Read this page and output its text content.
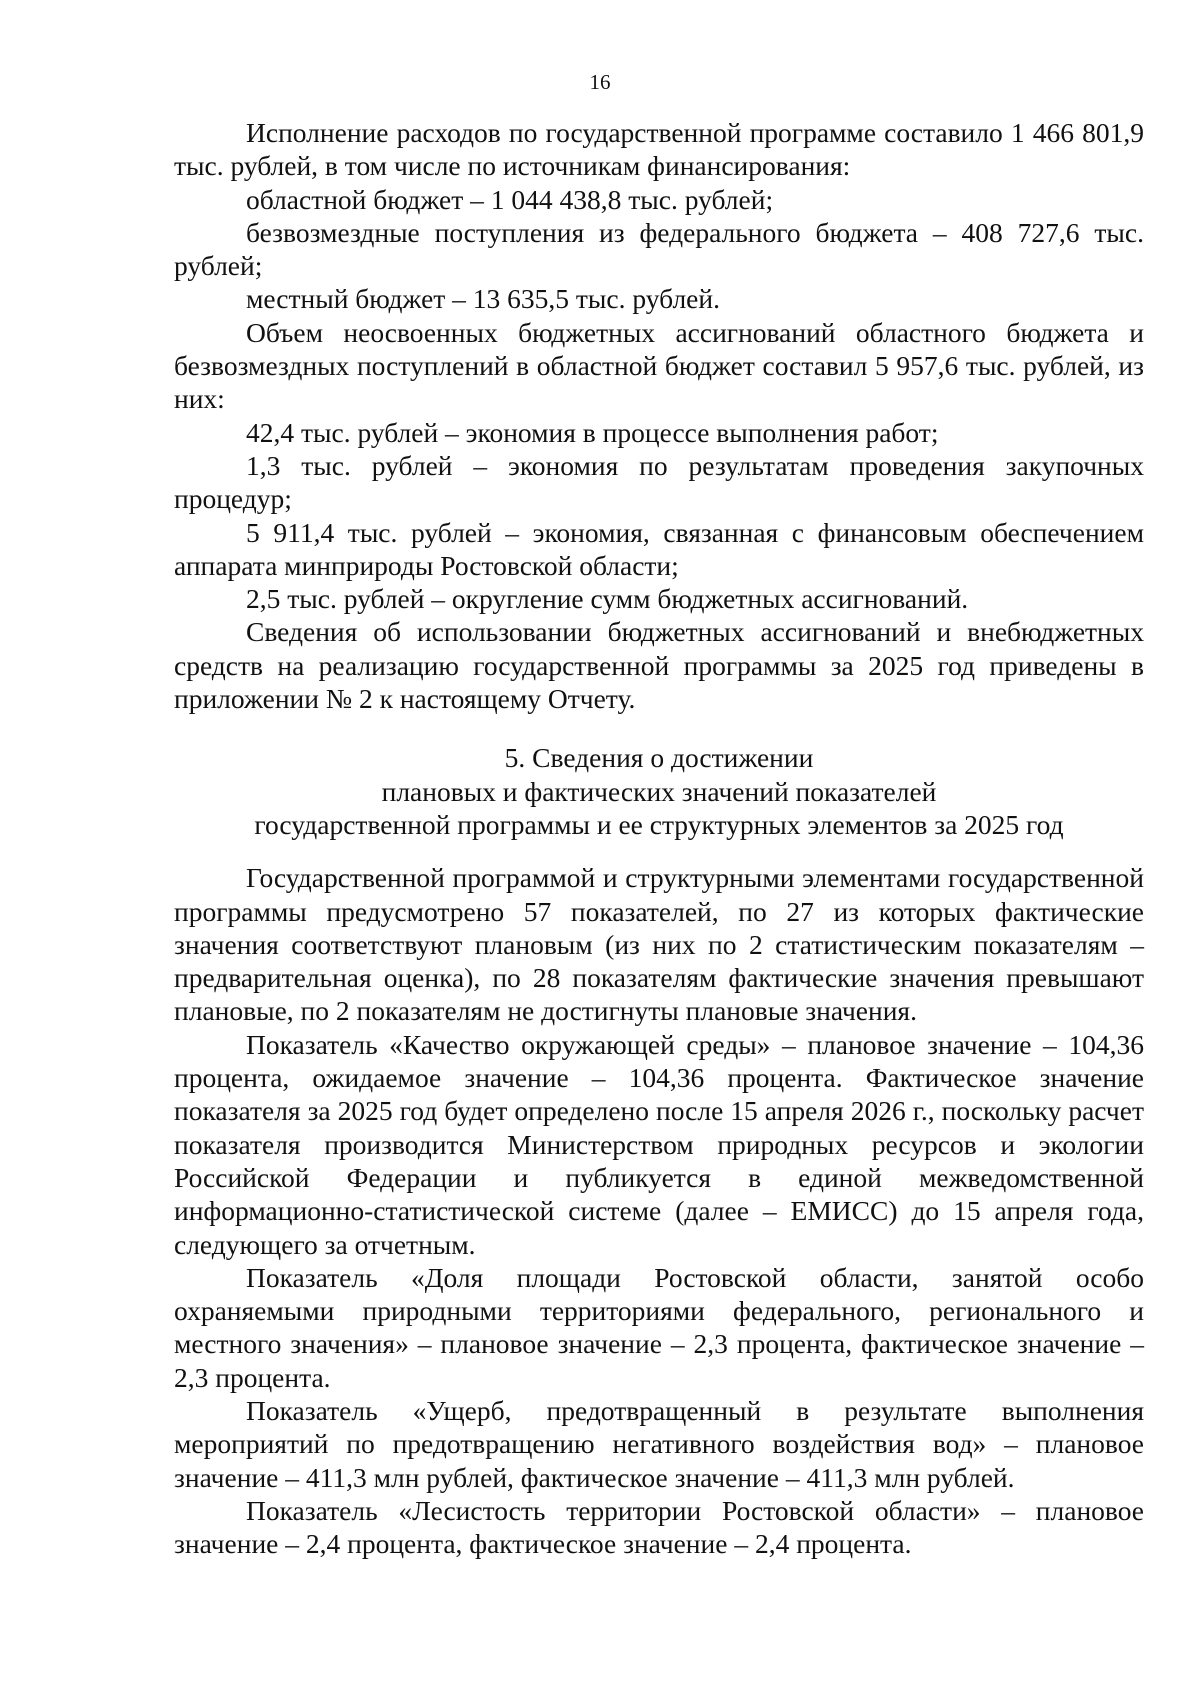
16

Исполнение расходов по государственной программе составило 1 466 801,9 тыс. рублей, в том числе по источникам финансирования:

областной бюджет – 1 044 438,8 тыс. рублей;

безвозмездные поступления из федерального бюджета – 408 727,6 тыс. рублей;

местный бюджет – 13 635,5 тыс. рублей.

Объем неосвоенных бюджетных ассигнований областного бюджета и безвозмездных поступлений в областной бюджет составил 5 957,6 тыс. рублей, из них:

42,4 тыс. рублей – экономия в процессе выполнения работ;

1,3 тыс. рублей – экономия по результатам проведения закупочных процедур;

5 911,4 тыс. рублей – экономия, связанная с финансовым обеспечением аппарата минприроды Ростовской области;

2,5 тыс. рублей – округление сумм бюджетных ассигнований.

Сведения об использовании бюджетных ассигнований и внебюджетных средств на реализацию государственной программы за 2025 год приведены в приложении № 2 к настоящему Отчету.

5. Сведения о достижении
плановых и фактических значений показателей
государственной программы и ее структурных элементов за 2025 год

Государственной программой и структурными элементами государственной программы предусмотрено 57 показателей, по 27 из которых фактические значения соответствуют плановым (из них по 2 статистическим показателям – предварительная оценка), по 28 показателям фактические значения превышают плановые, по 2 показателям не достигнуты плановые значения.

Показатель «Качество окружающей среды» – плановое значение – 104,36 процента, ожидаемое значение – 104,36 процента. Фактическое значение показателя за 2025 год будет определено после 15 апреля 2026 г., поскольку расчет показателя производится Министерством природных ресурсов и экологии Российской Федерации и публикуется в единой межведомственной информационно-статистической системе (далее – ЕМИСС) до 15 апреля года, следующего за отчетным.

Показатель «Доля площади Ростовской области, занятой особо охраняемыми природными территориями федерального, регионального и местного значения» – плановое значение – 2,3 процента, фактическое значение – 2,3 процента.

Показатель «Ущерб, предотвращенный в результате выполнения мероприятий по предотвращению негативного воздействия вод» – плановое значение – 411,3 млн рублей, фактическое значение – 411,3 млн рублей.

Показатель «Лесистость территории Ростовской области» – плановое значение – 2,4 процента, фактическое значение – 2,4 процента.
